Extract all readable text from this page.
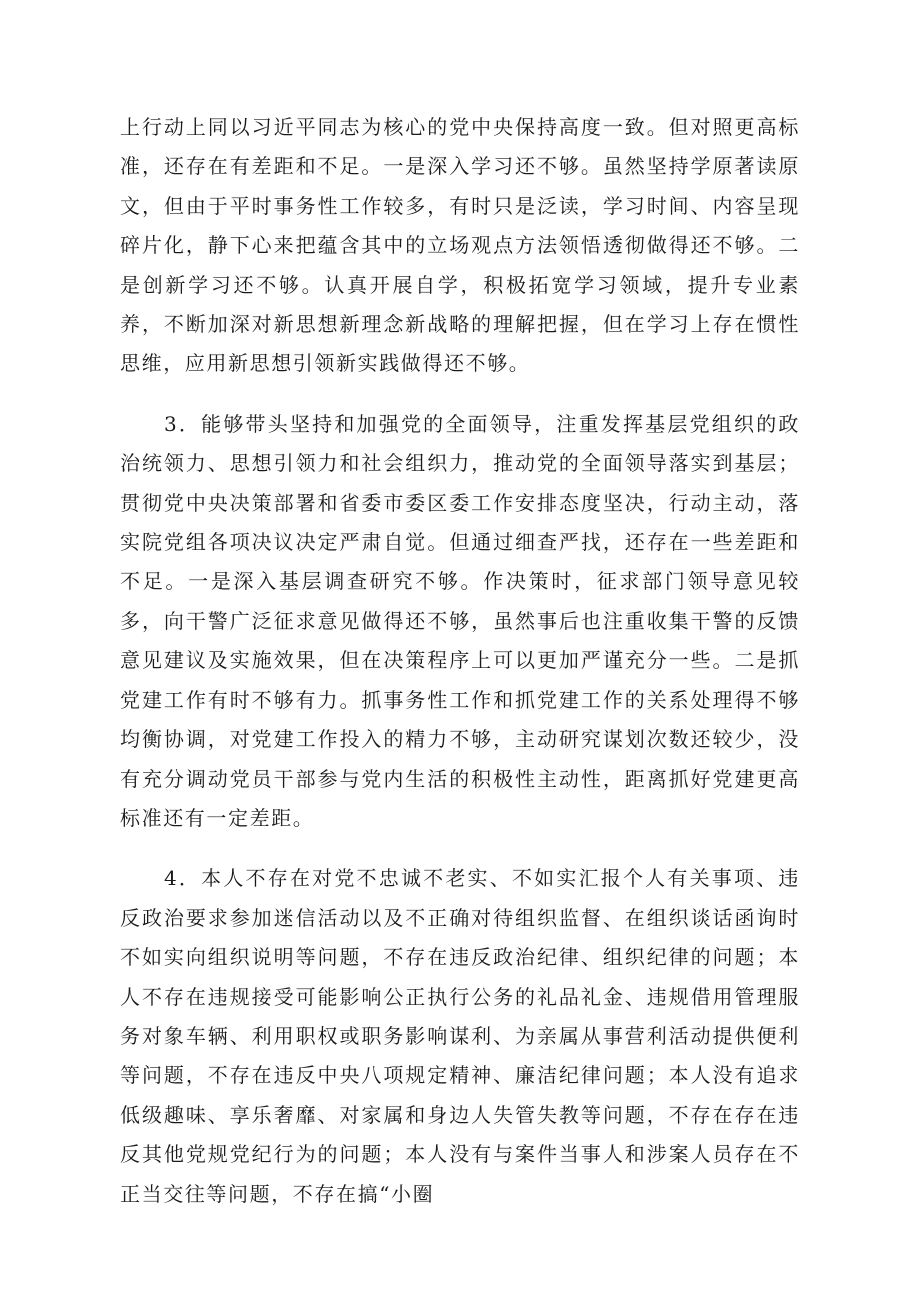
上行动上同以习近平同志为核心的党中央保持高度一致。但对照更高标准，还存在有差距和不足。一是深入学习还不够。虽然坚持学原著读原文，但由于平时事务性工作较多，有时只是泛读，学习时间、内容呈现碎片化，静下心来把蕴含其中的立场观点方法领悟透彻做得还不够。二是创新学习还不够。认真开展自学，积极拓宽学习领域，提升专业素养，不断加深对新思想新理念新战略的理解把握，但在学习上存在惯性思维，应用新思想引领新实践做得还不够。

3．能够带头坚持和加强党的全面领导，注重发挥基层党组织的政治统领力、思想引领力和社会组织力，推动党的全面领导落实到基层；贯彻党中央决策部署和省委市委区委工作安排态度坚决，行动主动，落实院党组各项决议决定严肃自觉。但通过细查严找，还存在一些差距和不足。一是深入基层调查研究不够。作决策时，征求部门领导意见较多，向干警广泛征求意见做得还不够，虽然事后也注重收集干警的反馈意见建议及实施效果，但在决策程序上可以更加严谨充分一些。二是抓党建工作有时不够有力。抓事务性工作和抓党建工作的关系处理得不够均衡协调，对党建工作投入的精力不够，主动研究谋划次数还较少，没有充分调动党员干部参与党内生活的积极性主动性，距离抓好党建更高标准还有一定差距。

4．本人不存在对党不忠诚不老实、不如实汇报个人有关事项、违反政治要求参加迷信活动以及不正确对待组织监督、在组织谈话函询时不如实向组织说明等问题，不存在违反政治纪律、组织纪律的问题；本人不存在违规接受可能影响公正执行公务的礼品礼金、违规借用管理服务对象车辆、利用职权或职务影响谋利、为亲属从事营利活动提供便利等问题，不存在违反中央八项规定精神、廉洁纪律问题；本人没有追求低级趣味、享乐奢靡、对家属和身边人失管失教等问题，不存在存在违反其他党规党纪行为的问题；本人没有与案件当事人和涉案人员存在不正当交往等问题，不存在搞“小圈
